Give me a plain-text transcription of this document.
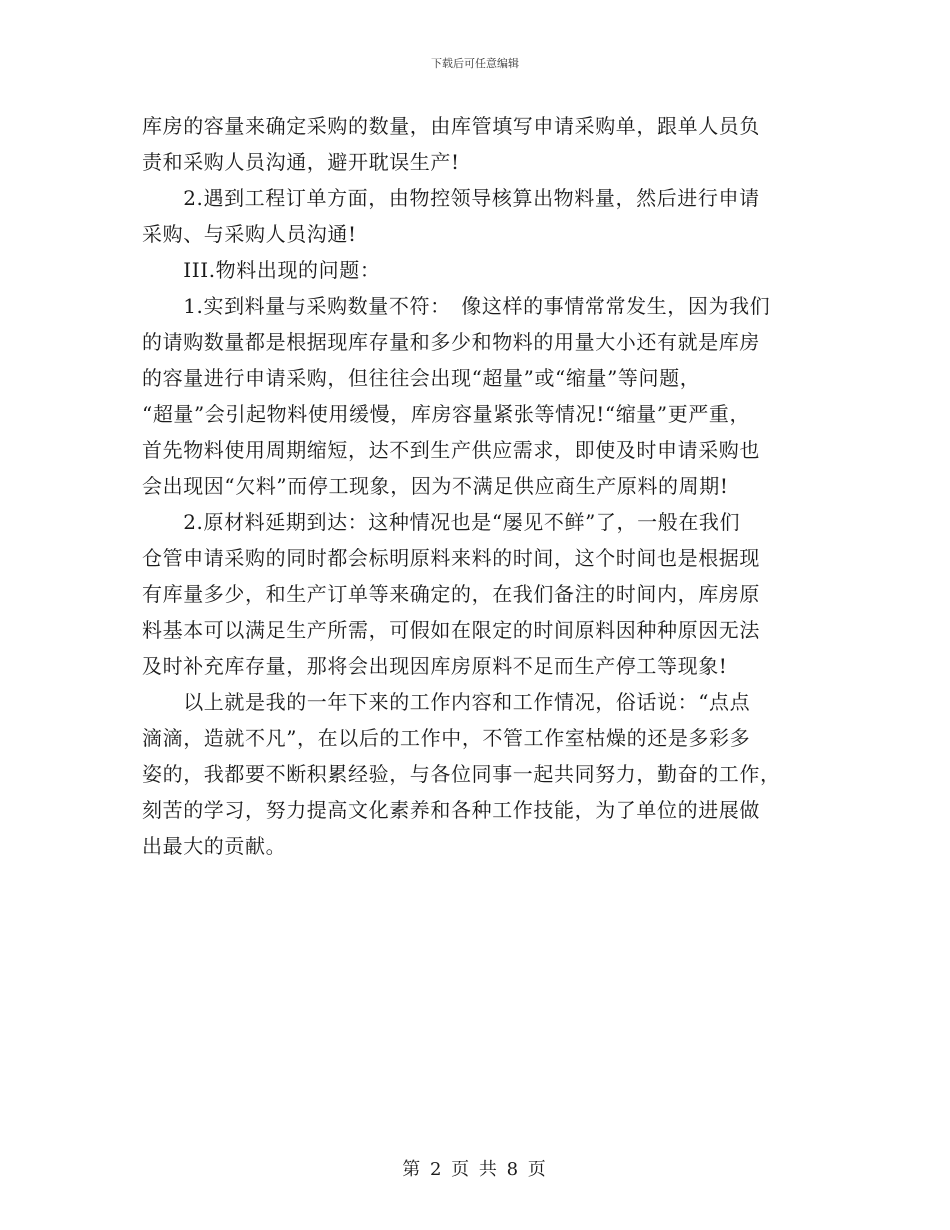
下载后可任意编辑
库房的容量来确定采购的数量，由库管填写申请采购单，跟单人员负
责和采购人员沟通，避开耽误生产!
　　2.遇到工程订单方面，由物控领导核算出物料量，然后进行申请
采购、与采购人员沟通!
　　III.物料出现的问题：
　　1.实到料量与采购数量不符：　像这样的事情常常发生，因为我们
的请购数量都是根据现库存量和多少和物料的用量大小还有就是库房
的容量进行申请采购，但往往会出现“超量”或“缩量”等问题，
“超量”会引起物料使用缓慢，库房容量紧张等情况!“缩量”更严重，
首先物料使用周期缩短，达不到生产供应需求，即使及时申请采购也
会出现因“欠料”而停工现象，因为不满足供应商生产原料的周期!
　　2.原材料延期到达：这种情况也是“屡见不鲜”了，一般在我们
仓管申请采购的同时都会标明原料来料的时间，这个时间也是根据现
有库量多少，和生产订单等来确定的，在我们备注的时间内，库房原
料基本可以满足生产所需，可假如在限定的时间原料因种种原因无法
及时补充库存量，那将会出现因库房原料不足而生产停工等现象!
　　以上就是我的一年下来的工作内容和工作情况，俗话说：“点点
滴滴，造就不凡”，在以后的工作中，不管工作室枯燥的还是多彩多
姿的，我都要不断积累经验，与各位同事一起共同努力，勤奋的工作，
刻苦的学习，努力提高文化素养和各种工作技能，为了单位的进展做
出最大的贡献。
第 2 页 共 8 页
